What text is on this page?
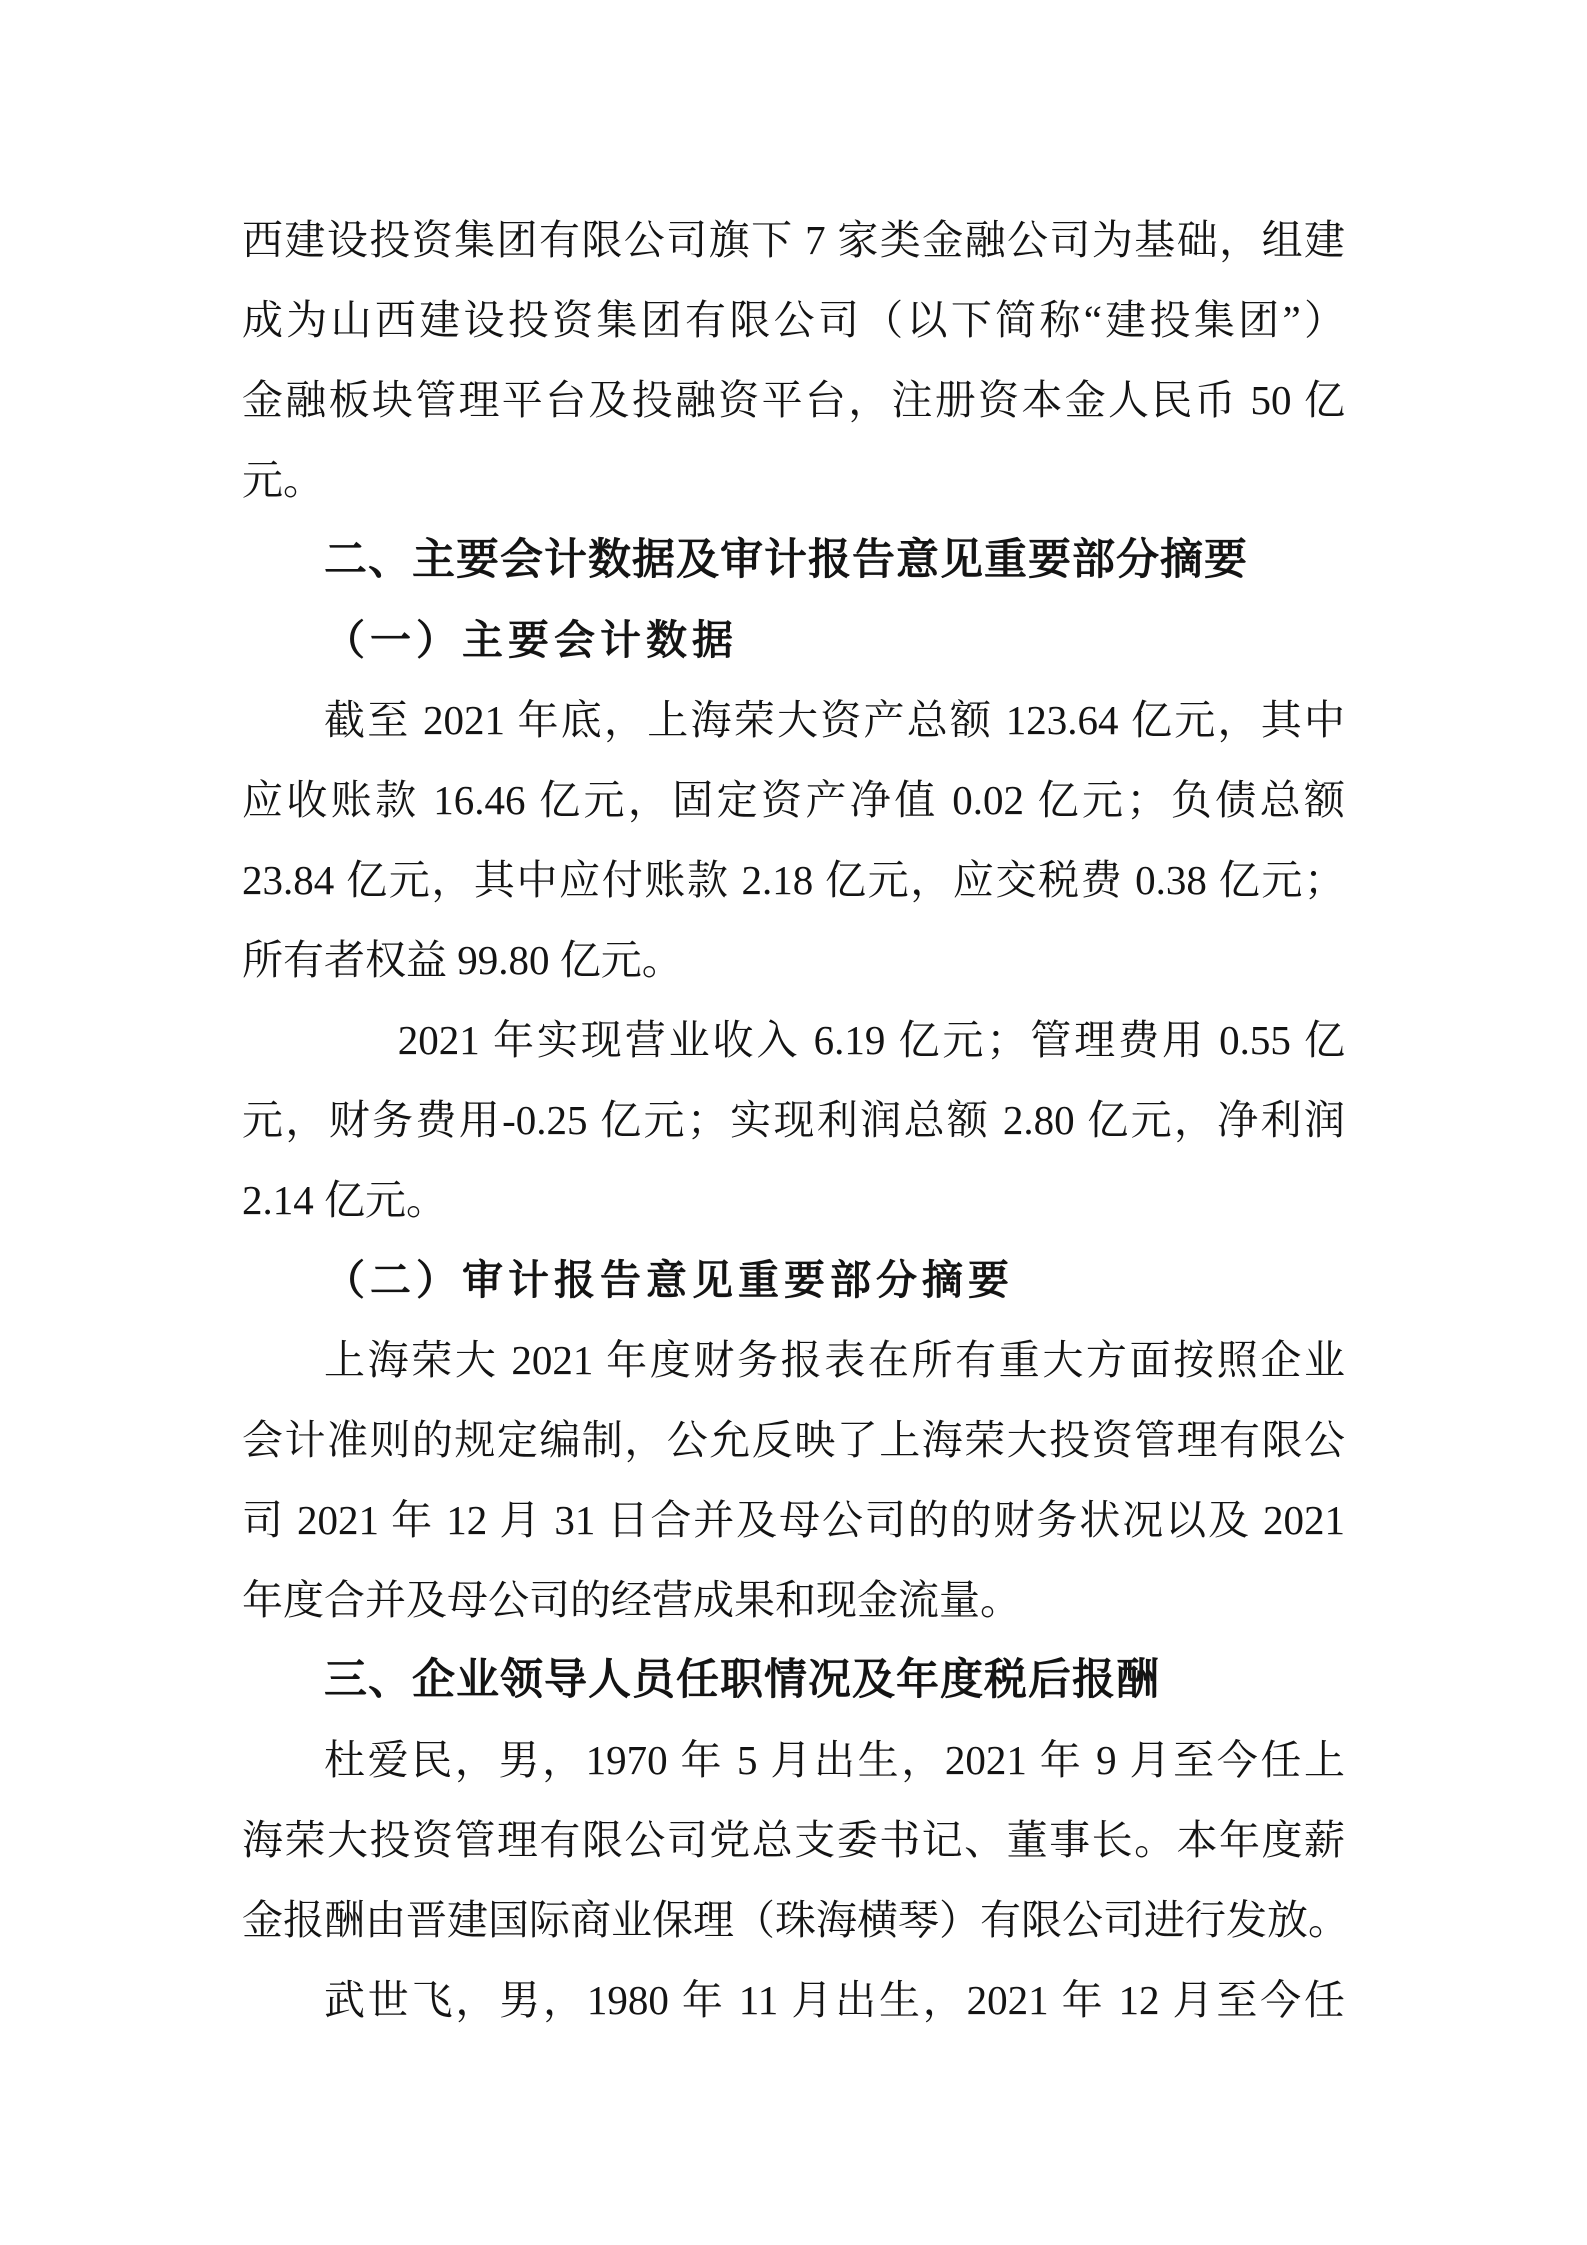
西建设投资集团有限公司旗下 7 家类金融公司为基础，组建
成为山西建设投资集团有限公司（以下简称“建投集团”）
金融板块管理平台及投融资平台，注册资本金人民币 50 亿
元。
二、主要会计数据及审计报告意见重要部分摘要
（一）主要会计数据
截至 2021 年底，上海荣大资产总额 123.64 亿元，其中
应收账款 16.46 亿元，固定资产净值 0.02 亿元；负债总额
23.84 亿元，其中应付账款 2.18 亿元，应交税费 0.38 亿元；
所有者权益 99.80 亿元。
2021 年实现营业收入 6.19 亿元；管理费用 0.55 亿
元，财务费用-0.25 亿元；实现利润总额 2.80 亿元，净利润
2.14 亿元。
（二）审计报告意见重要部分摘要
上海荣大 2021 年度财务报表在所有重大方面按照企业
会计准则的规定编制，公允反映了上海荣大投资管理有限公
司 2021 年 12 月 31 日合并及母公司的的财务状况以及 2021
年度合并及母公司的经营成果和现金流量。
三、企业领导人员任职情况及年度税后报酬
杜爱民，男，1970 年 5 月出生，2021 年 9 月至今任上
海荣大投资管理有限公司党总支委书记、董事长。本年度薪
金报酬由晋建国际商业保理（珠海横琴）有限公司进行发放。
武世飞，男，1980 年 11 月出生，2021 年 12 月至今任
